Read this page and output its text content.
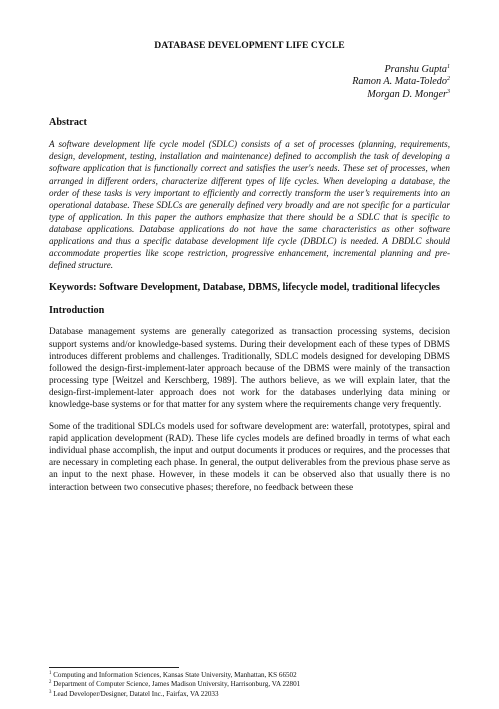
DATABASE DEVELOPMENT LIFE CYCLE
Pranshu Gupta$^1$
Ramon A. Mata-Toledo$^2$
Morgan D. Monger$^3$
Abstract

A software development life cycle model (SDLC) consists of a set of processes (planning, requirements, design, development, testing, installation and maintenance) defined to accomplish the task of developing a software application that is functionally correct and satisfies the user's needs. These set of processes, when arranged in different orders, characterize different types of life cycles. When developing a database, the order of these tasks is very important to efficiently and correctly transform the user’s requirements into an operational database. These SDLCs are generally defined very broadly and are not specific for a particular type of application. In this paper the authors emphasize that there should be a SDLC that is specific to database applications. Database applications do not have the same characteristics as other software applications and thus a specific database development life cycle (DBDLC) is needed. A DBDLC should accommodate properties like scope restriction, progressive enhancement, incremental planning and pre-defined structure.

Keywords: Software Development, Database, DBMS, lifecycle model, traditional lifecycles

Introduction

Database management systems are generally categorized as transaction processing systems, decision support systems and/or knowledge-based systems. During their development each of these types of DBMS introduces different problems and challenges. Traditionally, SDLC models designed for developing DBMS followed the design-first-implement-later approach because of the DBMS were mainly of the transaction processing type [Weitzel and Kerschberg, 1989]. The authors believe, as we will explain later, that the design-first-implement-later approach does not work for the databases underlying data mining or knowledge-base systems or for that matter for any system where the requirements change very frequently.

Some of the traditional SDLCs models used for software development are: waterfall, prototypes, spiral and rapid application development (RAD). These life cycles models are defined broadly in terms of what each individual phase accomplish, the input and output documents it produces or requires, and the processes that are necessary in completing each phase. In general, the output deliverables from the previous phase serve as an input to the next phase. However, in these models it can be observed also that usually there is no interaction between two consecutive phases; therefore, no feedback between these

$^1$ Computing and Information Sciences, Kansas State University, Manhattan, KS 66502
$^2$ Department of Computer Science, James Madison University, Harrisonburg, VA 22801
$^3$ Lead Developer/Designer, Datatel Inc., Fairfax, VA 22033
